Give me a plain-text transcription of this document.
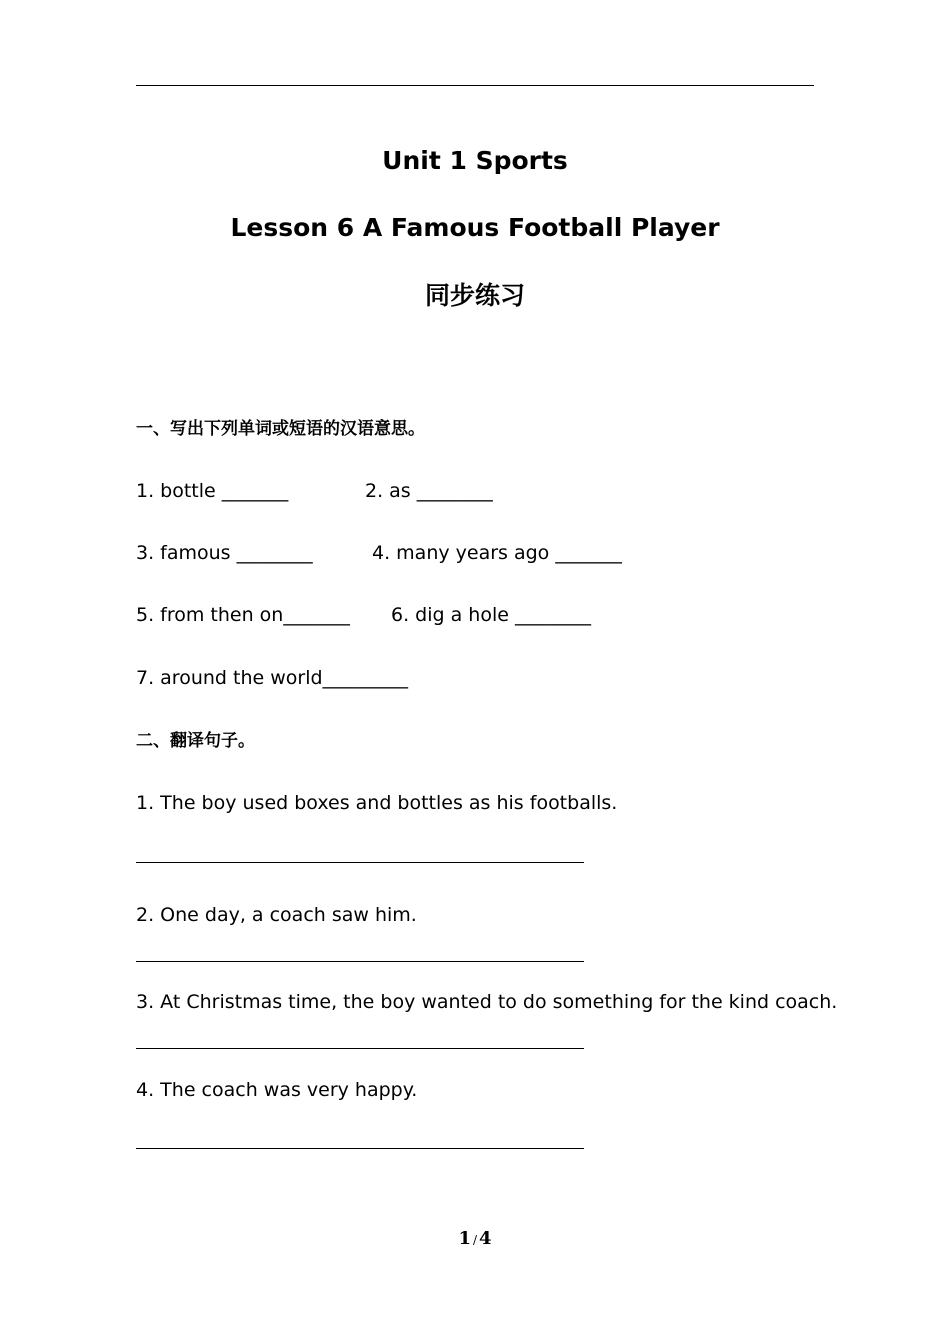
Unit 1 Sports
Lesson 6 A Famous Football Player
同步练习
一、写出下列单词或短语的汉语意思。
1. bottle _______	2. as ________
3. famous ________	4. many years ago _______
5. from then on_______ 6. dig a hole ________
7. around the world_________
二、翻译句子。
1. The boy used boxes and bottles as his footballs.
2. One day, a coach saw him.
3. At Christmas time, the boy wanted to do something for the kind coach.
4. The coach was very happy.
1 / 4
